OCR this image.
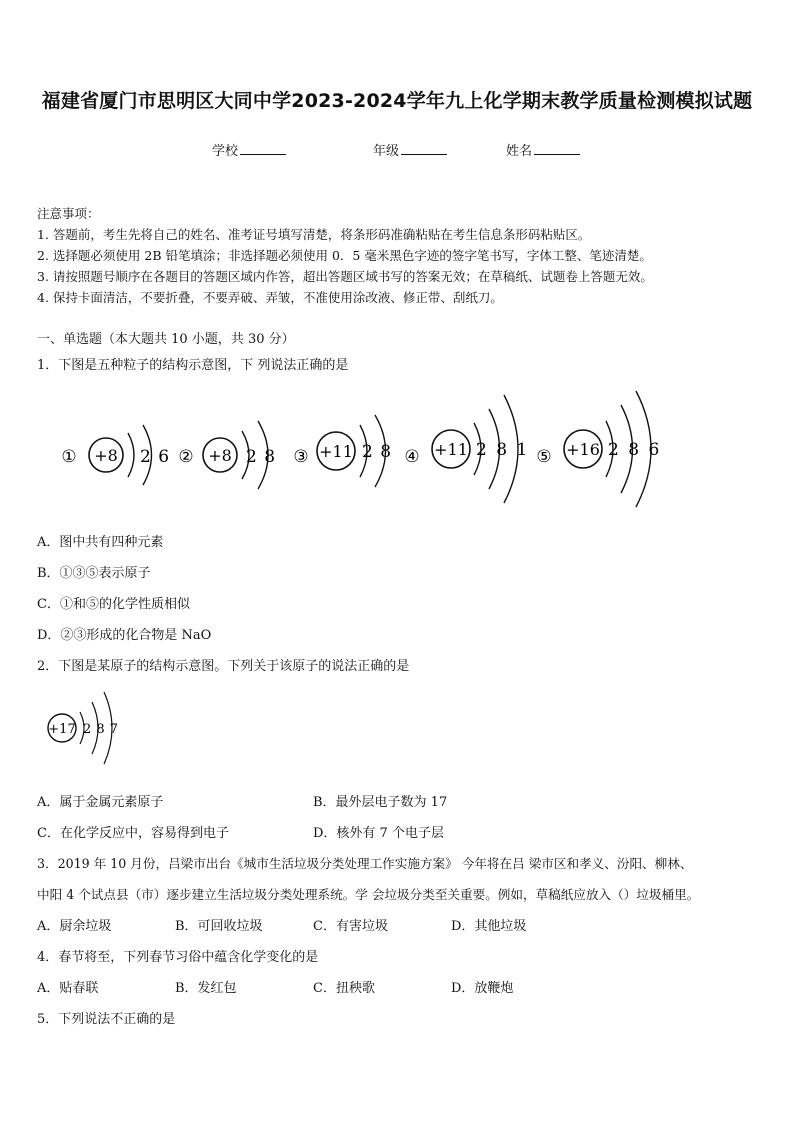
福建省厦门市思明区大同中学2023-2024学年九上化学期末教学质量检测模拟试题
学校	年级	姓名
注意事项：
1. 答题前，考生先将自己的姓名、准考证号填写清楚，将条形码准确粘贴在考生信息条形码粘贴区。
2. 选择题必须使用 2B 铅笔填涂；非选择题必须使用 0．5 毫米黑色字迹的签字笔书写，字体工整、笔迹清楚。
3. 请按照题号顺序在各题目的答题区域内作答，超出答题区域书写的答案无效；在草稿纸、试题卷上答题无效。
4. 保持卡面清洁，不要折叠，不要弄破、弄皱，不准使用涂改液、修正带、刮纸刀。
一、单选题（本大题共 10 小题，共 30 分）
1．下图是五种粒子的结构示意图，下 列说法正确的是
① +8 2 6 ② +8 2 8 ③ +11 2 8 ④ +11 2 8 1 ⑤ +16 2 8 6
A．图中共有四种元素
B．①③⑤表示原子
C．①和⑤的化学性质相似
D．②③形成的化合物是 NaO
2．下图是某原子的结构示意图。下列关于该原子的说法正确的是
+17 2 8 7
A．属于金属元素原子	B．最外层电子数为 17
C．在化学反应中，容易得到电子	D．核外有 7 个电子层
3．2019 年 10 月份，吕梁市出台《城市生活垃圾分类处理工作实施方案》 今年将在吕 梁市区和孝义、汾阳、柳林、
中阳 4 个试点县（市）逐步建立生活垃圾分类处理系统。学 会垃圾分类至关重要。例如，草稿纸应放入（）垃圾桶里。
A．厨余垃圾	B．可回收垃圾	C．有害垃圾	D．其他垃圾
4．春节将至，下列春节习俗中蕴含化学变化的是
A．贴春联	B．发红包	C．扭秧歌	D．放鞭炮
5．下列说法不正确的是
